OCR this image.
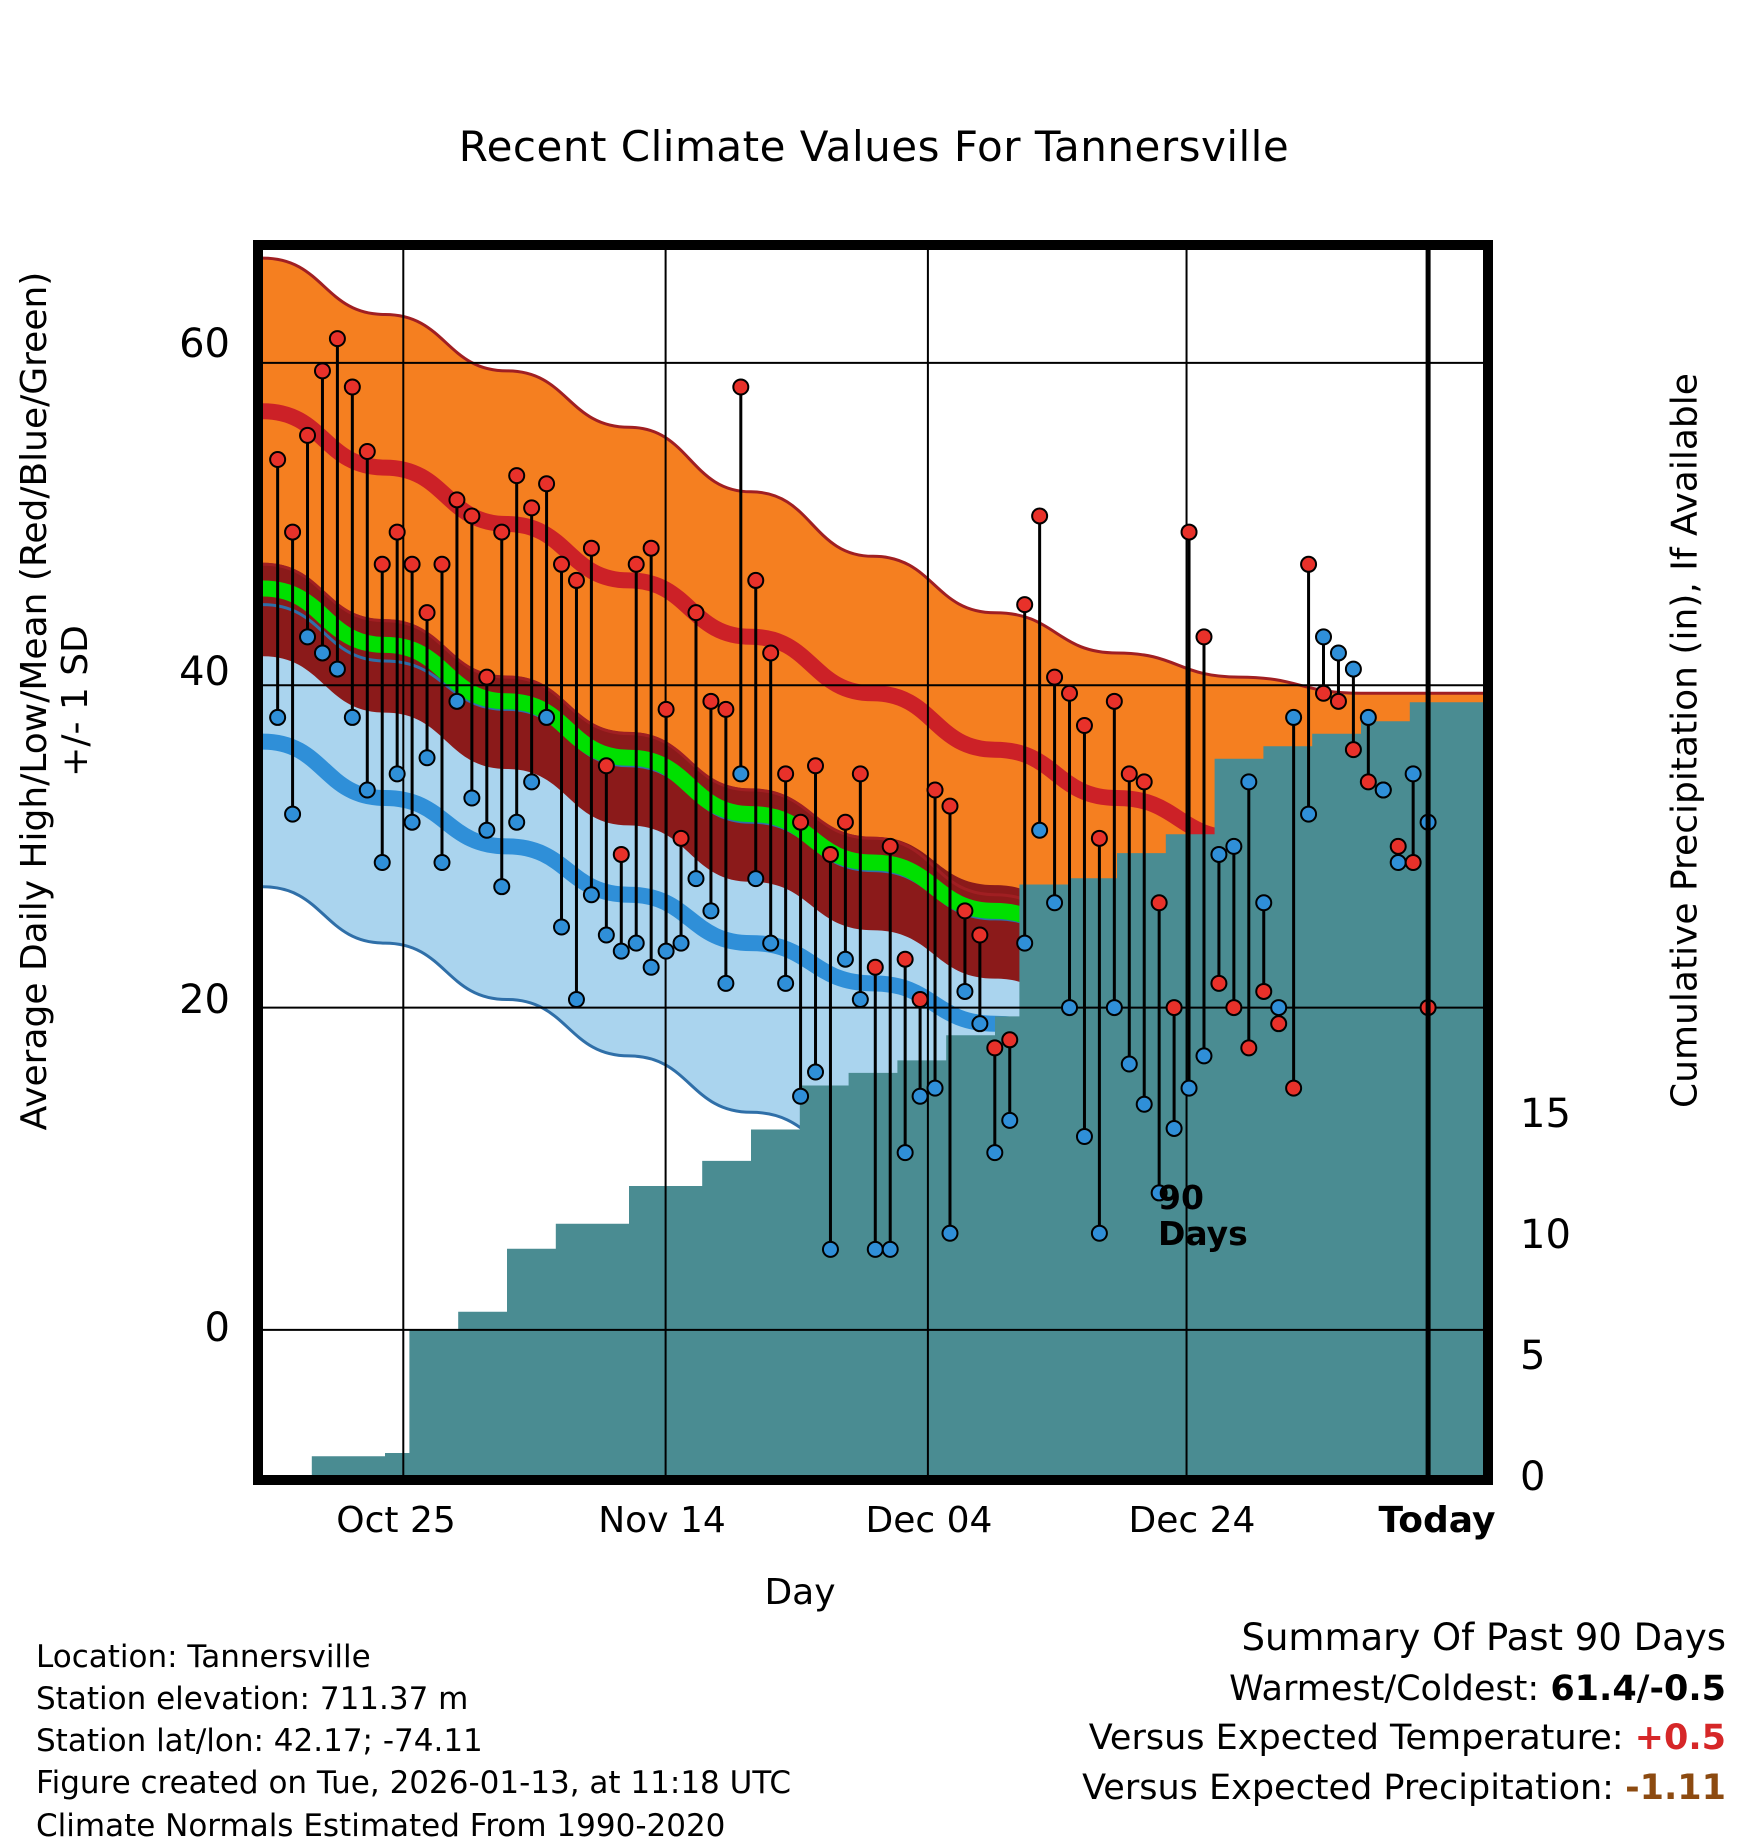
Recent Climate Values For Tannersville
Average Daily High/Low/Mean (Red/Blue/Green) +/- 1 SD	Cumulative Precipitation (in), If Available
Day
60
40
20
0
15
10
5
0
90
Days
Oct 25	Nov 14	Dec 04	Dec 24	Today
Location: Tannersville
Station elevation: 711.37 m
Station lat/lon: 42.17; -74.11
Figure created on Tue, 2026-01-13, at 11:18 UTC
Climate Normals Estimated From 1990-2020
Summary Of Past 90 Days
Warmest/Coldest: 61.4/-0.5
Versus Expected Temperature: +0.5
Versus Expected Precipitation: -1.11
